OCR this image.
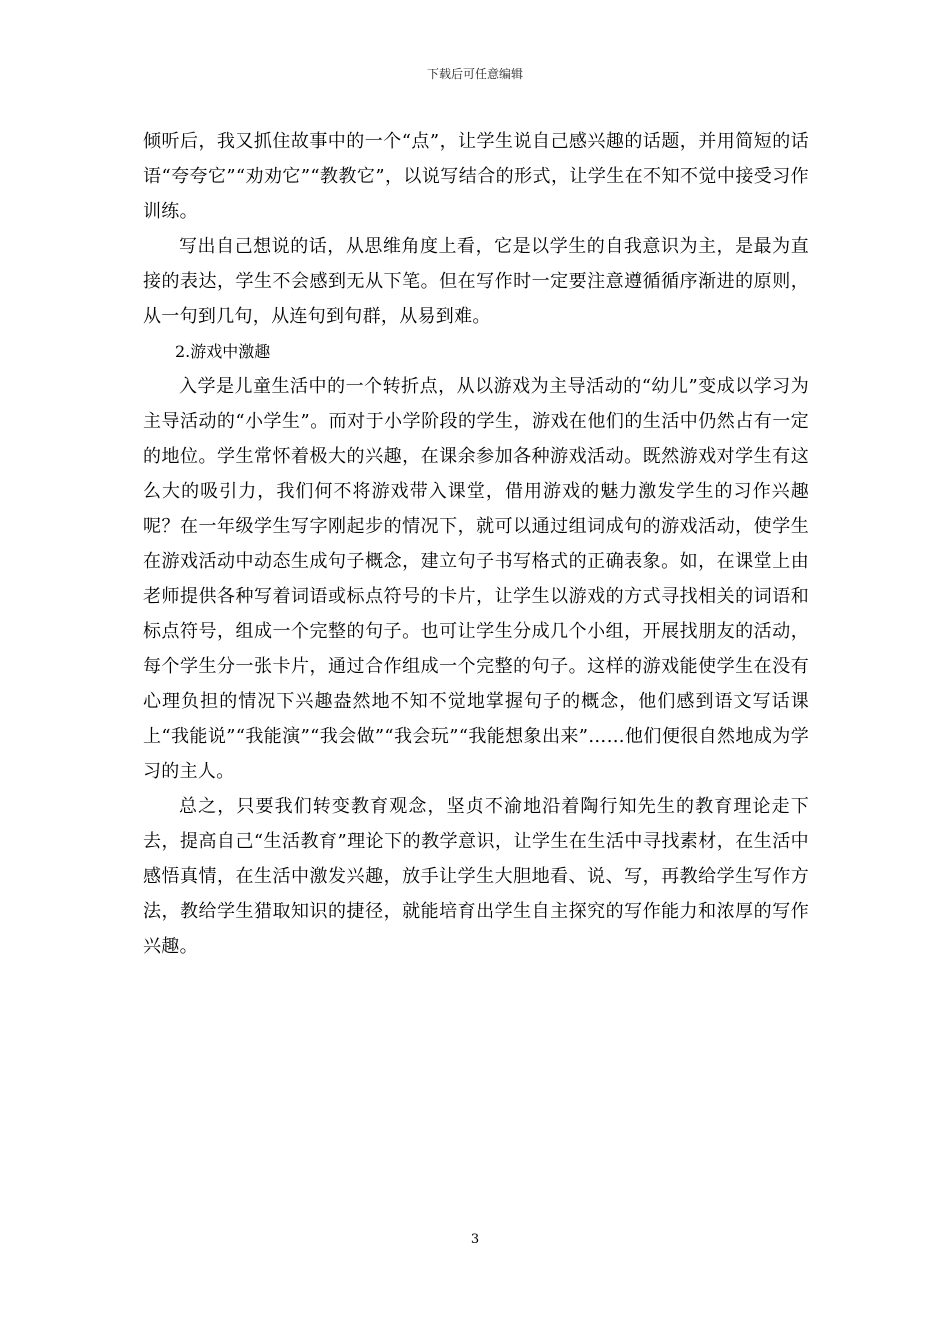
下载后可任意编辑

倾听后，我又抓住故事中的一个“点”，让学生说自己感兴趣的话题，并用简短的话语“夸夸它”“劝劝它”“教教它”，以说写结合的形式，让学生在不知不觉中接受习作训练。

写出自己想说的话，从思维角度上看，它是以学生的自我意识为主，是最为直接的表达，学生不会感到无从下笔。但在写作时一定要注意遵循循序渐进的原则，从一句到几句，从连句到句群，从易到难。

2.游戏中激趣

入学是儿童生活中的一个转折点，从以游戏为主导活动的“幼儿”变成以学习为主导活动的“小学生”。而对于小学阶段的学生，游戏在他们的生活中仍然占有一定的地位。学生常怀着极大的兴趣，在课余参加各种游戏活动。既然游戏对学生有这么大的吸引力，我们何不将游戏带入课堂，借用游戏的魅力激发学生的习作兴趣呢？在一年级学生写字刚起步的情况下，就可以通过组词成句的游戏活动，使学生在游戏活动中动态生成句子概念，建立句子书写格式的正确表象。如，在课堂上由老师提供各种写着词语或标点符号的卡片，让学生以游戏的方式寻找相关的词语和标点符号，组成一个完整的句子。也可让学生分成几个小组，开展找朋友的活动，每个学生分一张卡片，通过合作组成一个完整的句子。这样的游戏能使学生在没有心理负担的情况下兴趣盎然地不知不觉地掌握句子的概念，他们感到语文写话课上“我能说”“我能演”“我会做”“我会玩”“我能想象出来”……他们便很自然地成为学习的主人。

总之，只要我们转变教育观念，坚贞不渝地沿着陶行知先生的教育理论走下去，提高自己“生活教育”理论下的教学意识，让学生在生活中寻找素材，在生活中感悟真情，在生活中激发兴趣，放手让学生大胆地看、说、写，再教给学生写作方法，教给学生猎取知识的捷径，就能培育出学生自主探究的写作能力和浓厚的写作兴趣。

3
